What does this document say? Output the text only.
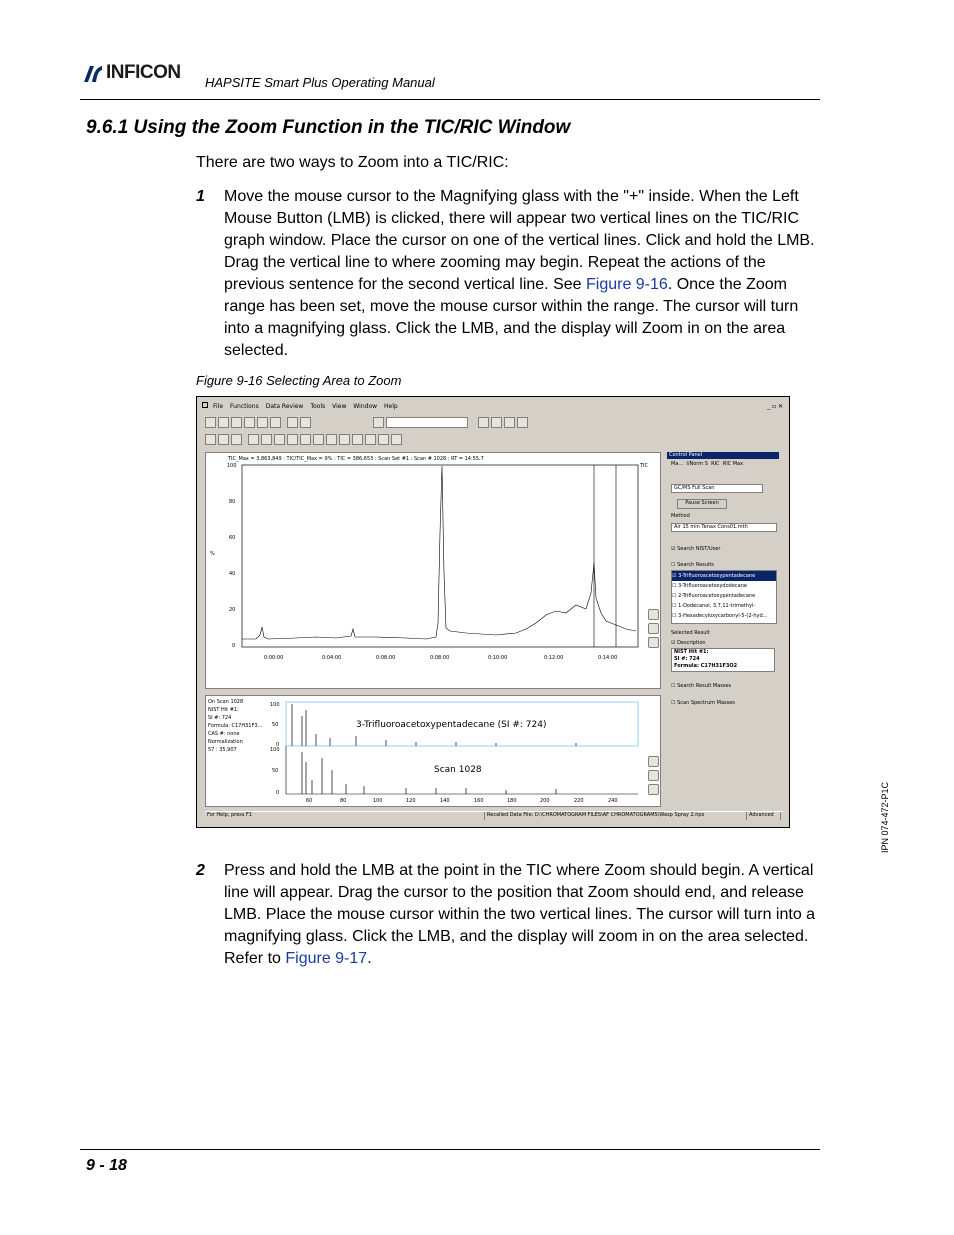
INFICON HAPSITE Smart Plus Operating Manual
9.6.1 Using the Zoom Function in the TIC/RIC Window
There are two ways to Zoom into a TIC/RIC:
1 Move the mouse cursor to the Magnifying glass with the "+" inside. When the Left Mouse Button (LMB) is clicked, there will appear two vertical lines on the TIC/RIC graph window. Place the cursor on one of the vertical lines. Click and hold the LMB. Drag the vertical line to where zooming may begin. Repeat the actions of the previous sentence for the second vertical line. See Figure 9-16. Once the Zoom range has been set, move the mouse cursor within the range. The cursor will turn into a magnifying glass. Click the LMB, and the display will Zoom in on the area selected.
Figure 9-16 Selecting Area to Zoom
File Functions Data Review Tools View Window Help	_ ▫ ✕
TIC_Max = 3,863,849 : TIC/TIC_Max = 9% : TIC = 386,653 : Scan Set #1 : Scan # 1028 : RT = 14:55.7
TIC
%
100
80
60
40
20
0
0:00:00	0:04:00	0:08:00	0:08:00	0:10:00	0:12:00	0:14:00
On Scan 1028
NIST Hit #1:
SI #: 724
Formula: C17H31F3...
CAS #: none
Normalization
57 : 35,907
3-Trifluoroacetoxypentadecane (SI #: 724)
Scan 1028
60	80	100	120	140	160	180	200	220	240
100
50
0
100
50
0
Control Panel
Ma... I/Norm S RIC RIC Max
GC/MS Full Scan
Pause Screen
Method
Air 15 min Tenax Cons01.mth
☑ Search NIST/User
☐ Search Results
☑ 3-Trifluoroacetoxypentadecane
☐ 3-Trifluoroacetoxydodecane
☐ 2-Trifluoroacetoxypentadecane
☐ 1-Dodecanol, 3,7,11-trimethyl-
☐ 3-Hexadecyloxycarbonyl-5-(2-hyd...
Selected Result
☑ Description
NIST Hit #1:
SI #: 724
Formula: C17H31F3O2
☐ Search Result Masses
☐ Scan Spectrum Masses
For Help, press F1	Recalled Data File: D:\CHROMATOGRAM FILES\AF CHROMATOGRAMS\Wasp Spray 2.hps	Advanced
2 Press and hold the LMB at the point in the TIC where Zoom should begin. A vertical line will appear. Drag the cursor to the position that Zoom should end, and release LMB. Place the mouse cursor within the two vertical lines. The cursor will turn into a magnifying glass. Click the LMB, and the display will zoom in on the area selected. Refer to Figure 9-17.
IPN 074-472-P1C
9 - 18
